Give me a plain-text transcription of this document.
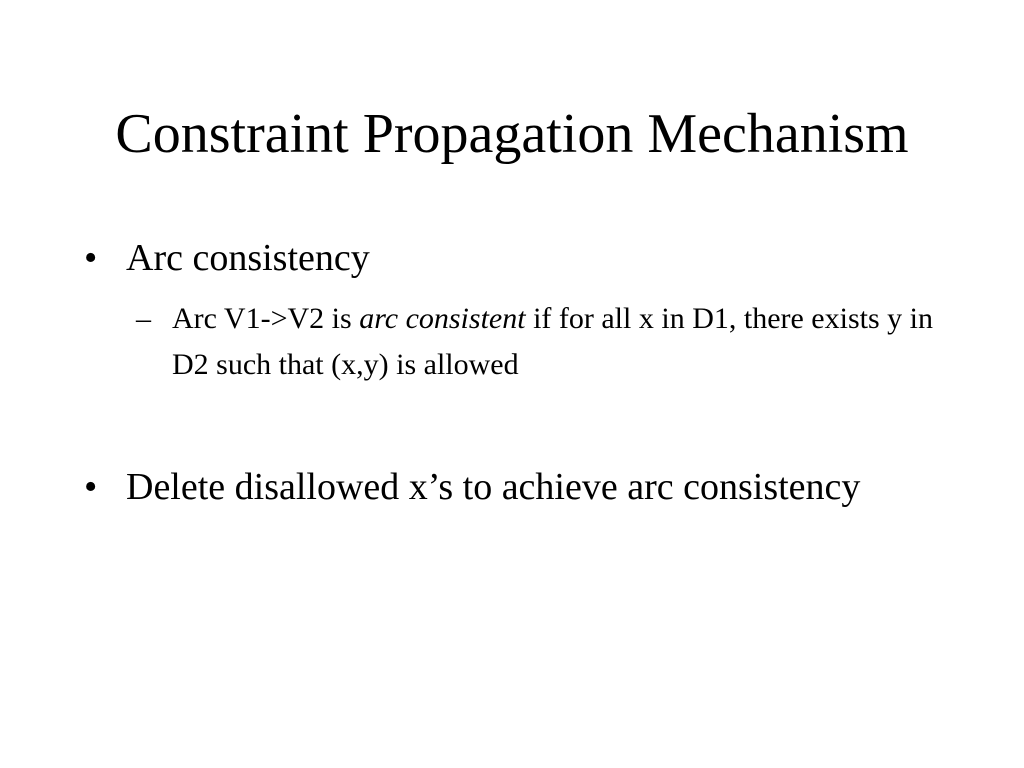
Constraint Propagation Mechanism
• Arc consistency
– Arc V1->V2 is arc consistent if for all x in D1, there exists y in D2 such that (x,y) is allowed
• Delete disallowed x’s to achieve arc consistency
